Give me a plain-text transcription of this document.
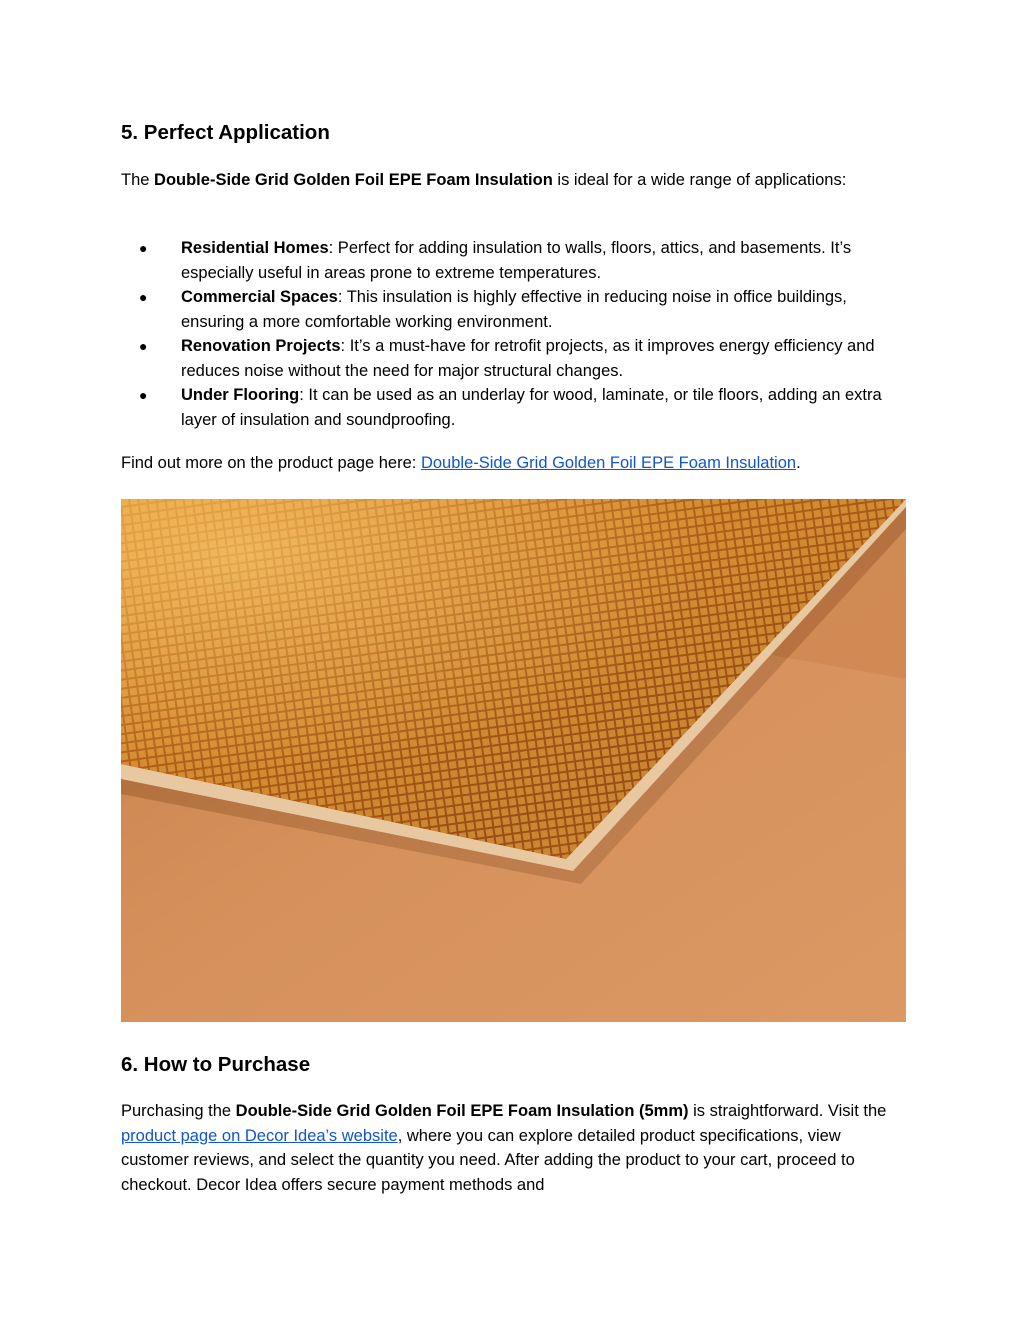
5. Perfect Application

The Double-Side Grid Golden Foil EPE Foam Insulation is ideal for a wide range of applications:

● Residential Homes: Perfect for adding insulation to walls, floors, attics, and basements. It’s especially useful in areas prone to extreme temperatures.
● Commercial Spaces: This insulation is highly effective in reducing noise in office buildings, ensuring a more comfortable working environment.
● Renovation Projects: It’s a must-have for retrofit projects, as it improves energy efficiency and reduces noise without the need for major structural changes.
● Under Flooring: It can be used as an underlay for wood, laminate, or tile floors, adding an extra layer of insulation and soundproofing.

Find out more on the product page here: Double-Side Grid Golden Foil EPE Foam Insulation.

6. How to Purchase

Purchasing the Double-Side Grid Golden Foil EPE Foam Insulation (5mm) is straightforward. Visit the product page on Decor Idea’s website, where you can explore detailed product specifications, view customer reviews, and select the quantity you need. After adding the product to your cart, proceed to checkout. Decor Idea offers secure payment methods and
